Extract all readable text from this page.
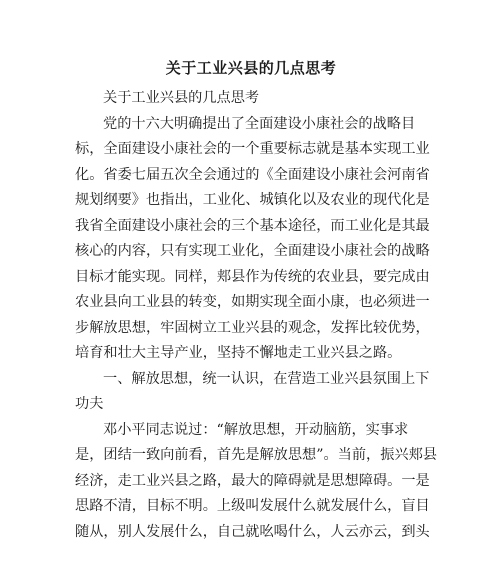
关于工业兴县的几点思考

关于工业兴县的几点思考

党的十六大明确提出了全面建设小康社会的战略目

标，全面建设小康社会的一个重要标志就是基本实现工业

化。省委七届五次全会通过的《全面建设小康社会河南省

规划纲要》也指出，工业化、城镇化以及农业的现代化是

我省全面建设小康社会的三个基本途径，而工业化是其最

核心的内容，只有实现工业化，全面建设小康社会的战略

目标才能实现。同样，郏县作为传统的农业县，要完成由

农业县向工业县的转变，如期实现全面小康，也必须进一

步解放思想，牢固树立工业兴县的观念，发挥比较优势，

培育和壮大主导产业，坚持不懈地走工业兴县之路。

一、解放思想，统一认识，在营造工业兴县氛围上下

功夫

邓小平同志说过：“解放思想，开动脑筋，实事求

是，团结一致向前看，首先是解放思想”。当前，振兴郏县

经济，走工业兴县之路，最大的障碍就是思想障碍。一是

思路不清，目标不明。上级叫发展什么就发展什么，盲目

随从，别人发展什么，自己就吆喝什么，人云亦云，到头
